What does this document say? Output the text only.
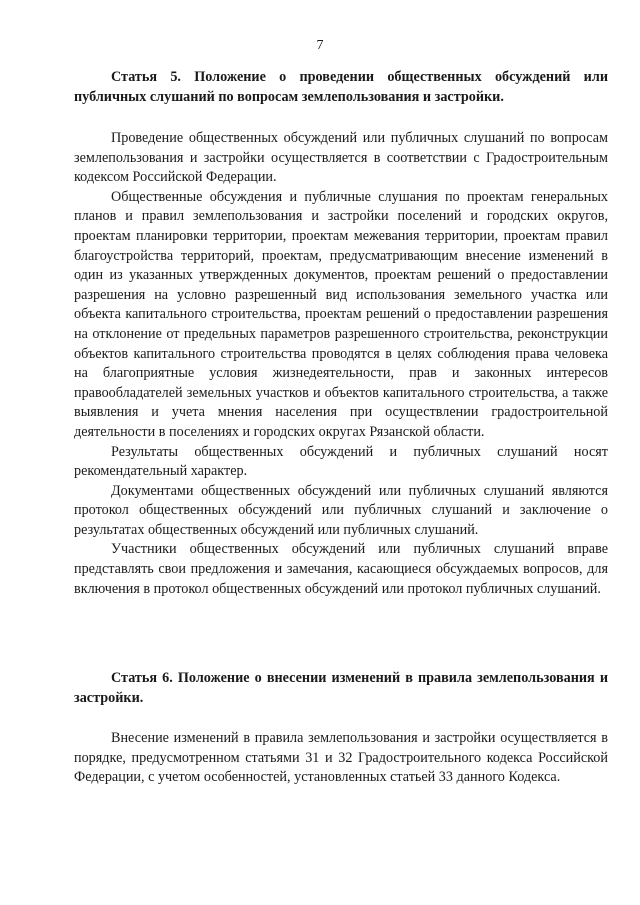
7
Статья 5. Положение о проведении общественных обсуждений или публичных слушаний по вопросам землепользования и застройки.

Проведение общественных обсуждений или публичных слушаний по вопросам землепользования и застройки осуществляется в соответствии с Градостроительным кодексом Российской Федерации.

Общественные обсуждения и публичные слушания по проектам генеральных планов и правил землепользования и застройки поселений и городских округов, проектам планировки территории, проектам межевания территории, проектам правил благоустройства территорий, проектам, предусматривающим внесение изменений в один из указанных утвержденных документов, проектам решений о предоставлении разрешения на условно разрешенный вид использования земельного участка или объекта капитального строительства, проектам решений о предоставлении разрешения на отклонение от предельных параметров разрешенного строительства, реконструкции объектов капитального строительства проводятся в целях соблюдения права человека на благоприятные условия жизнедеятельности, прав и законных интересов правообладателей земельных участков и объектов капитального строительства, а также выявления и учета мнения населения при осуществлении градостроительной деятельности в поселениях и городских округах Рязанской области.

Результаты общественных обсуждений и публичных слушаний носят рекомендательный характер.

Документами общественных обсуждений или публичных слушаний являются протокол общественных обсуждений или публичных слушаний и заключение о результатах общественных обсуждений или публичных слушаний.

Участники общественных обсуждений или публичных слушаний вправе представлять свои предложения и замечания, касающиеся обсуждаемых вопросов, для включения в протокол общественных обсуждений или протокол публичных слушаний.

Статья 6. Положение о внесении изменений в правила землепользования и застройки.

Внесение изменений в правила землепользования и застройки осуществляется в порядке, предусмотренном статьями 31 и 32 Градостроительного кодекса Российской Федерации, с учетом особенностей, установленных статьей 33 данного Кодекса.
